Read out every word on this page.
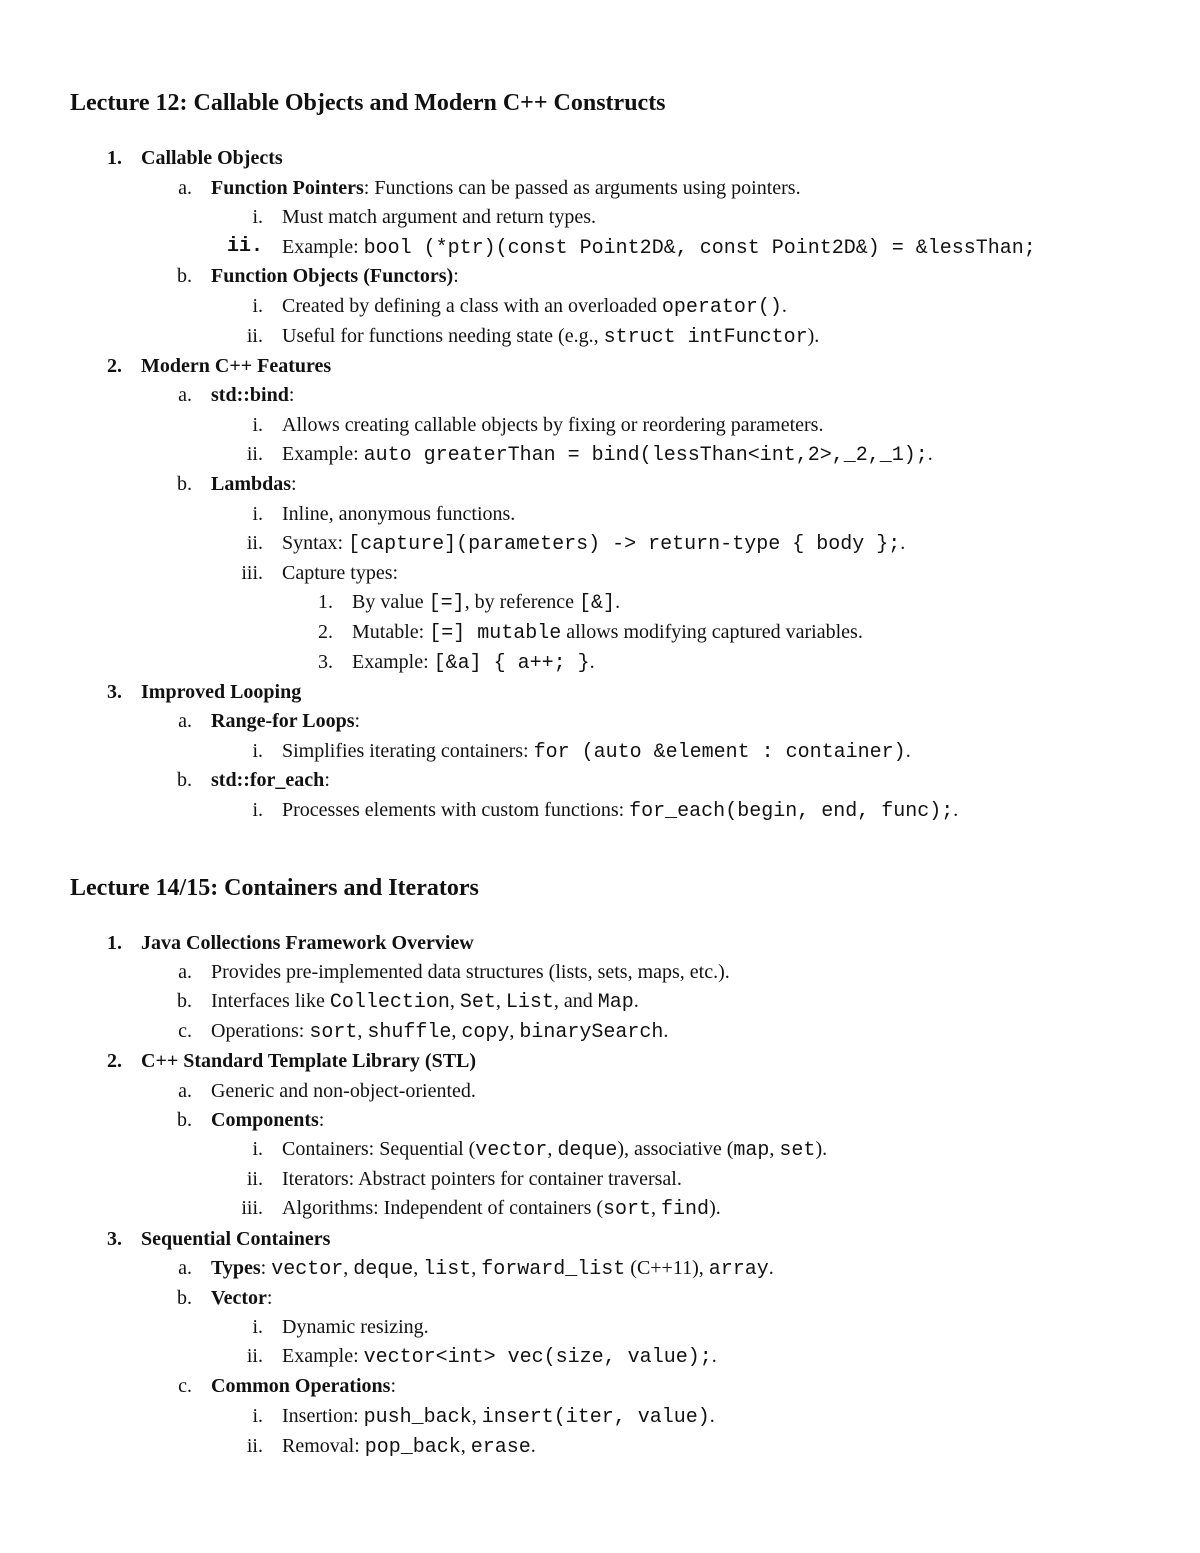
Lecture 12: Callable Objects and Modern C++ Constructs
1. Callable Objects
a. Function Pointers: Functions can be passed as arguments using pointers.
i. Must match argument and return types.
ii. Example: bool (*ptr)(const Point2D&, const Point2D&) = &lessThan;
b. Function Objects (Functors):
i. Created by defining a class with an overloaded operator().
ii. Useful for functions needing state (e.g., struct intFunctor).
2. Modern C++ Features
a. std::bind:
i. Allows creating callable objects by fixing or reordering parameters.
ii. Example: auto greaterThan = bind(lessThan<int,2>,_2,_1);.
b. Lambdas:
i. Inline, anonymous functions.
ii. Syntax: [capture](parameters) -> return-type { body };.
iii. Capture types:
1. By value [=], by reference [&].
2. Mutable: [=] mutable allows modifying captured variables.
3. Example: [&a] { a++; }.
3. Improved Looping
a. Range-for Loops:
i. Simplifies iterating containers: for (auto &element : container).
b. std::for_each:
i. Processes elements with custom functions: for_each(begin, end, func);.
Lecture 14/15: Containers and Iterators
1. Java Collections Framework Overview
a. Provides pre-implemented data structures (lists, sets, maps, etc.).
b. Interfaces like Collection, Set, List, and Map.
c. Operations: sort, shuffle, copy, binarySearch.
2. C++ Standard Template Library (STL)
a. Generic and non-object-oriented.
b. Components:
i. Containers: Sequential (vector, deque), associative (map, set).
ii. Iterators: Abstract pointers for container traversal.
iii. Algorithms: Independent of containers (sort, find).
3. Sequential Containers
a. Types: vector, deque, list, forward_list (C++11), array.
b. Vector:
i. Dynamic resizing.
ii. Example: vector<int> vec(size, value);.
c. Common Operations:
i. Insertion: push_back, insert(iter, value).
ii. Removal: pop_back, erase.
